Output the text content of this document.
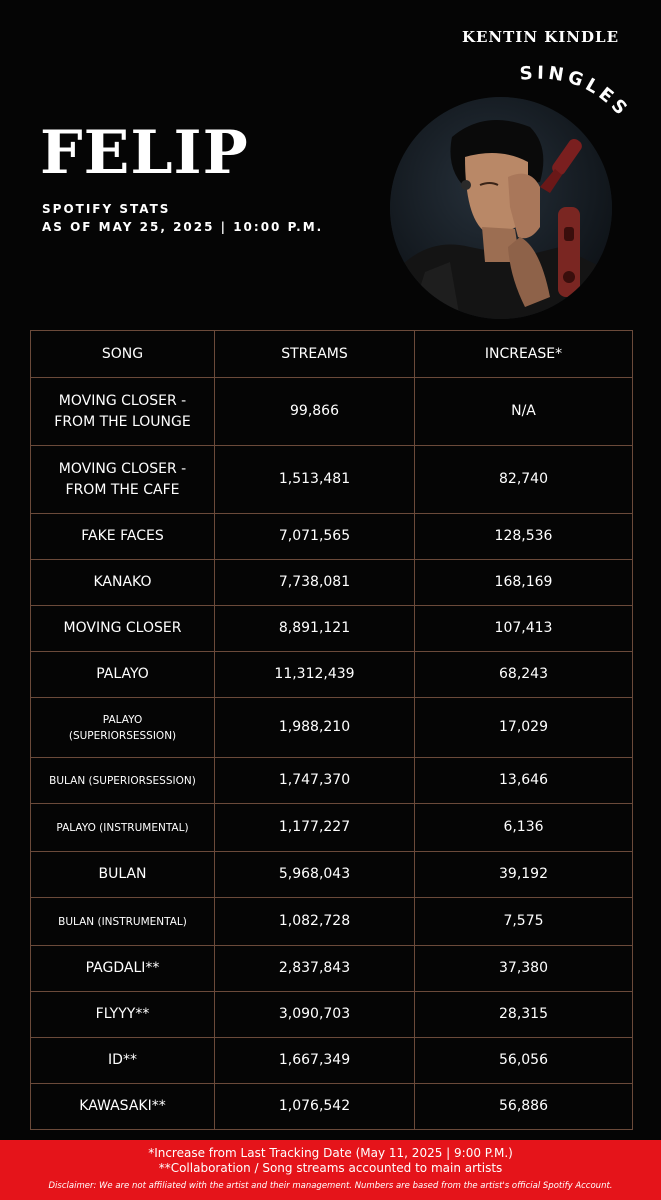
KENTIN KINDLE
FELIP
SPOTIFY STATS
AS OF MAY 25, 2025 | 10:00 P.M.
SINGLES
SONG	STREAMS	INCREASE*
MOVING CLOSER -
FROM THE LOUNGE	99,866	N/A
MOVING CLOSER -
FROM THE CAFE	1,513,481	82,740
FAKE FACES	7,071,565	128,536
KANAKO	7,738,081	168,169
MOVING CLOSER	8,891,121	107,413
PALAYO	11,312,439	68,243
PALAYO
(SUPERIORSESSION)	1,988,210	17,029
BULAN (SUPERIORSESSION)	1,747,370	13,646
PALAYO (INSTRUMENTAL)	1,177,227	6,136
BULAN	5,968,043	39,192
BULAN (INSTRUMENTAL)	1,082,728	7,575
PAGDALI**	2,837,843	37,380
FLYYY**	3,090,703	28,315
ID**	1,667,349	56,056
KAWASAKI**	1,076,542	56,886
*Increase from Last Tracking Date (May 11, 2025 | 9:00 P.M.)
**Collaboration / Song streams accounted to main artists
Disclaimer: We are not affiliated with the artist and their management. Numbers are based from the artist's official Spotify Account.
